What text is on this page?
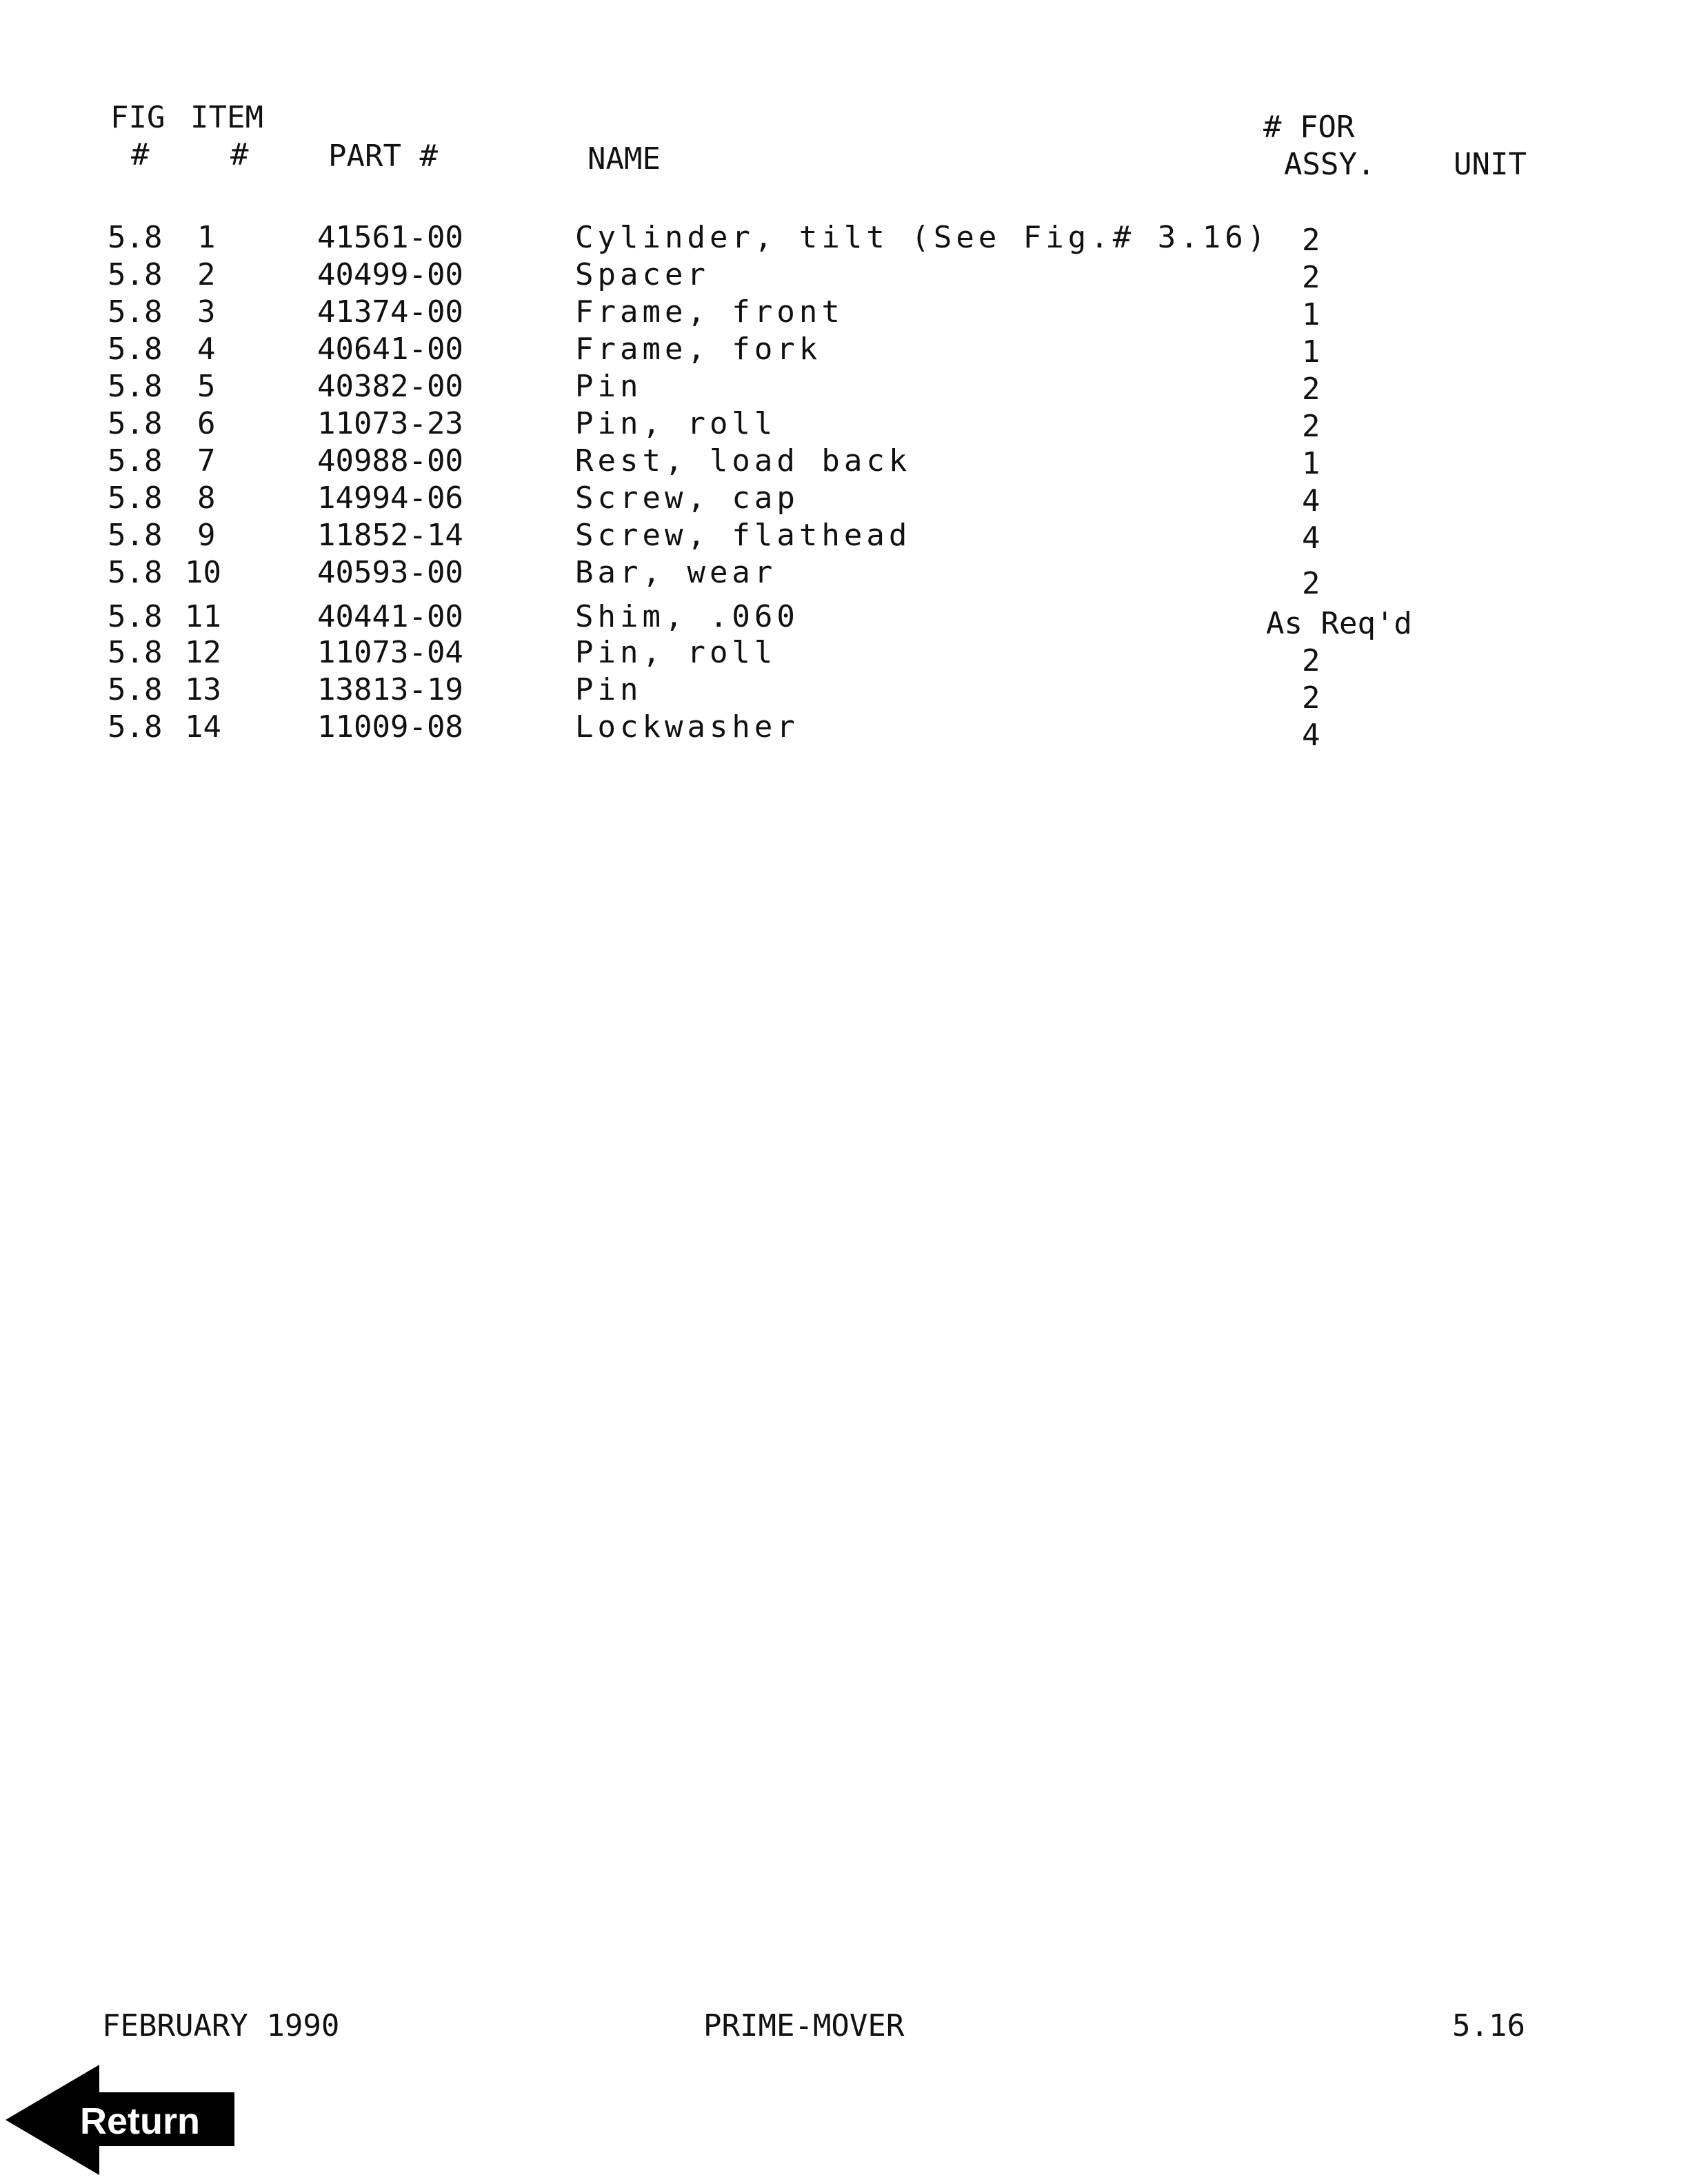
FIG ITEM
#	#	PART #	NAME
# FOR
ASSY.	UNIT
5.8 1	41561-00	Cylinder, tilt (See Fig.# 3.16) 2
5.8 2	40499-00	Spacer	2
5.8 3	41374-00	Frame, front	1
5.8 4	40641-00	Frame, fork	1
5.8 5	40382-00	Pin	2
5.8 6	11073-23	Pin, roll	2
5.8 7	40988-00	Rest, load back	1
5.8 8	14994-06	Screw, cap	4
5.8 9	11852-14	Screw, flathead	4
5.8 10	40593-00	Bar, wear	2
5.8 11	40441-00	Shim, .060	As Req'd
5.8 12	11073-04	Pin, roll	2
5.8 13	13813-19	Pin	2
5.8 14	11009-08	Lockwasher	4
FEBRUARY 1990	PRIME-MOVER	5.16
Return
